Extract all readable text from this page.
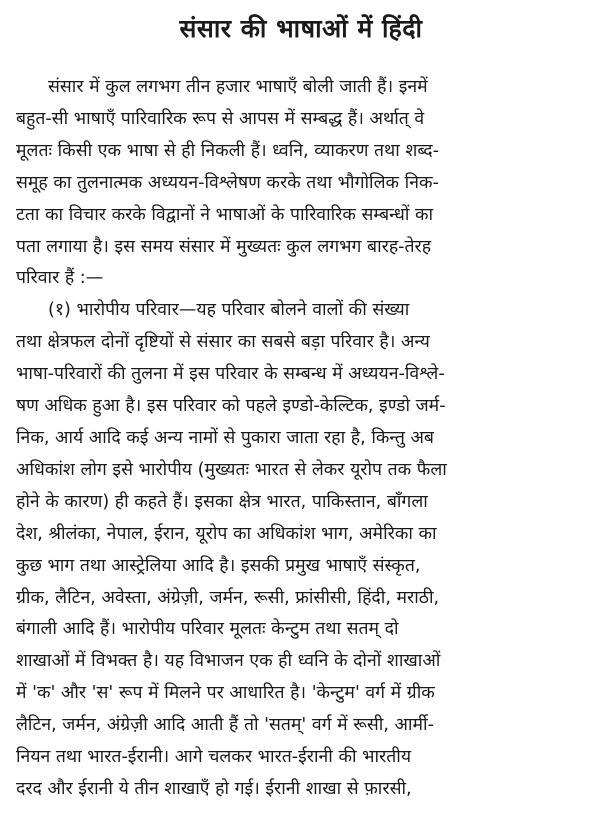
संसार की भाषाओं में हिंदी
संसार में कुल लगभग तीन हजार भाषाएँ बोली जाती हैं। इनमें
बहुत-सी भाषाएँ पारिवारिक रूप से आपस में सम्बद्ध हैं। अर्थात् वे
मूलतः किसी एक भाषा से ही निकली हैं। ध्वनि, व्याकरण तथा शब्द-
समूह का तुलनात्मक अध्ययन-विश्लेषण करके तथा भौगोलिक निक-
टता का विचार करके विद्वानों ने भाषाओं के पारिवारिक सम्बन्धों का
पता लगाया है। इस समय संसार में मुख्यतः कुल लगभग बारह-तेरह
परिवार हैं :—
(१) भारोपीय परिवार—यह परिवार बोलने वालों की संख्या
तथा क्षेत्रफल दोनों दृष्टियों से संसार का सबसे बड़ा परिवार है। अन्य
भाषा-परिवारों की तुलना में इस परिवार के सम्बन्ध में अध्ययन-विश्ले-
षण अधिक हुआ है। इस परिवार को पहले इण्डो-केल्टिक, इण्डो जर्म-
निक, आर्य आदि कई अन्य नामों से पुकारा जाता रहा है, किन्तु अब
अधिकांश लोग इसे भारोपीय (मुख्यतः भारत से लेकर यूरोप तक फैला
होने के कारण) ही कहते हैं। इसका क्षेत्र भारत, पाकिस्तान, बाँगला
देश, श्रीलंका, नेपाल, ईरान, यूरोप का अधिकांश भाग, अमेरिका का
कुछ भाग तथा आस्ट्रेलिया आदि है। इसकी प्रमुख भाषाएँ संस्कृत,
ग्रीक, लैटिन, अवेस्ता, अंग्रेज़ी, जर्मन, रूसी, फ्रांसीसी, हिंदी, मराठी,
बंगाली आदि हैं। भारोपीय परिवार मूलतः केन्टुम तथा सतम् दो
शाखाओं में विभक्त है। यह विभाजन एक ही ध्वनि के दोनों शाखाओं
में 'क' और 'स' रूप में मिलने पर आधारित है। 'केन्टुम' वर्ग में ग्रीक
लैटिन, जर्मन, अंग्रेज़ी आदि आती हैं तो 'सतम्' वर्ग में रूसी, आर्मी-
नियन तथा भारत-ईरानी। आगे चलकर भारत-ईरानी की भारतीय
दरद और ईरानी ये तीन शाखाएँ हो गई। ईरानी शाखा से फ़ारसी,
